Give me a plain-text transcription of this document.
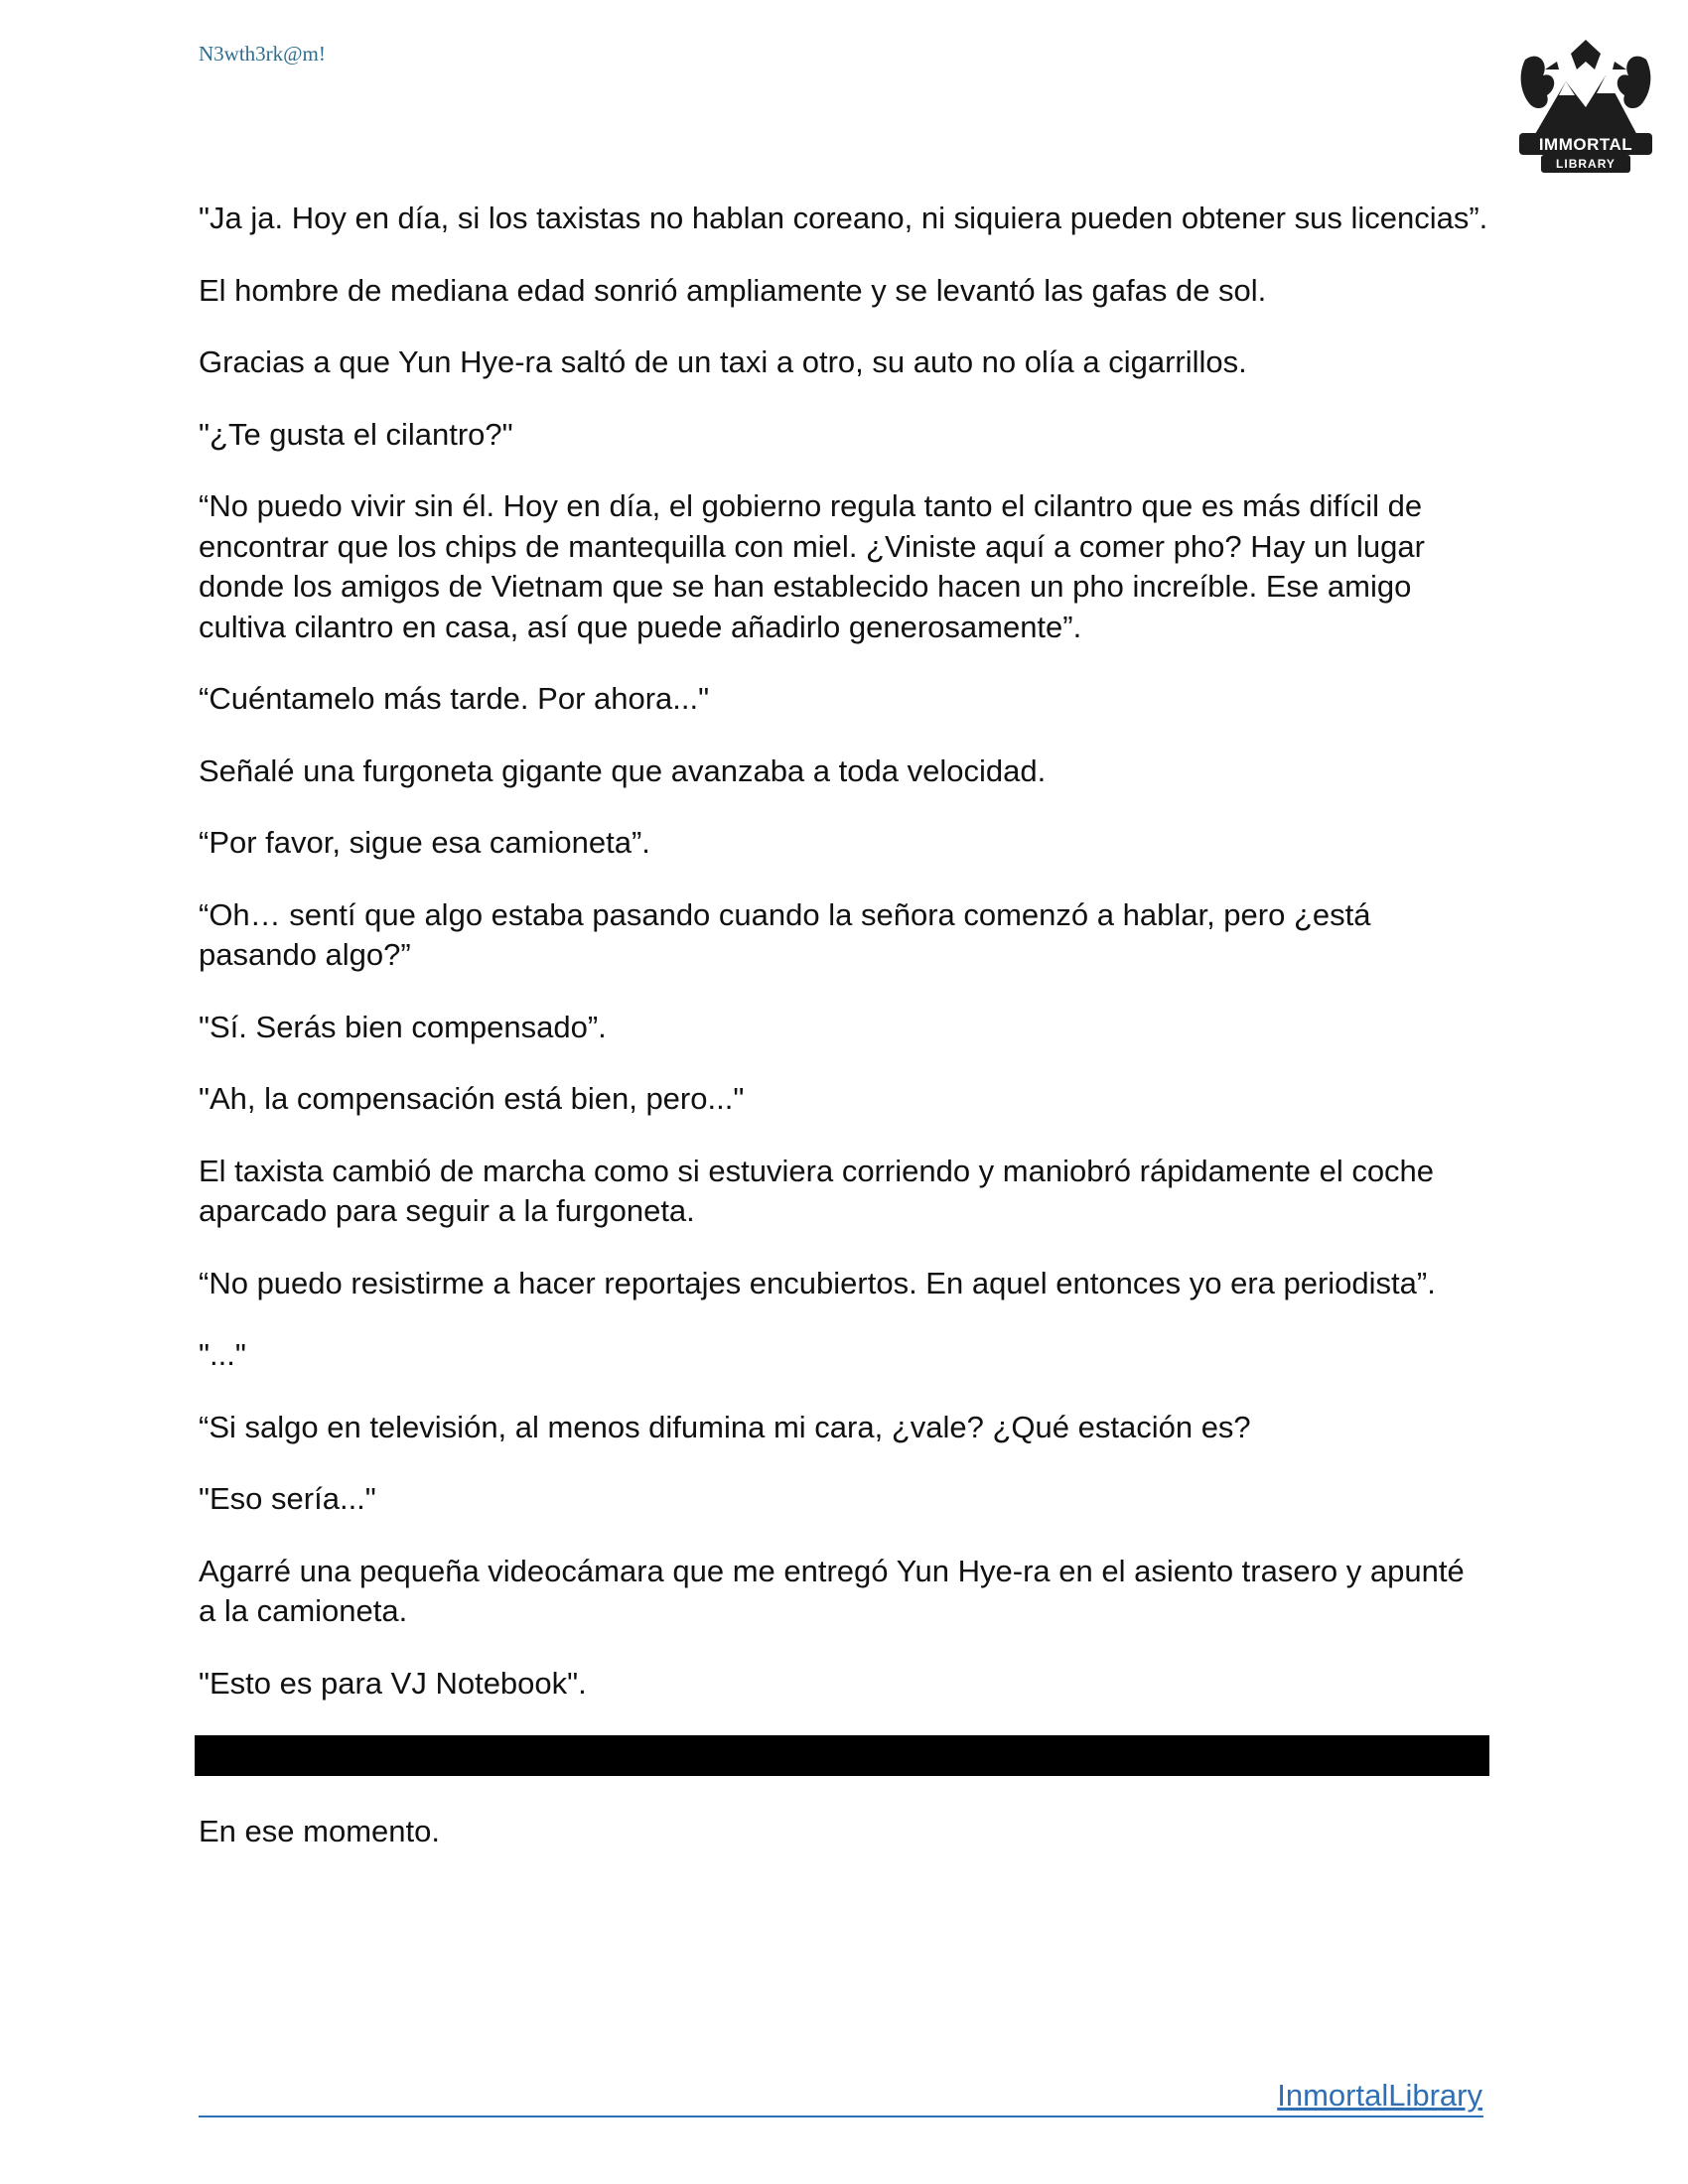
N3wth3rk@m!
IMMORTAL
LIBRARY

"Ja ja. Hoy en día, si los taxistas no hablan coreano, ni siquiera pueden obtener sus licencias”.

El hombre de mediana edad sonrió ampliamente y se levantó las gafas de sol.

Gracias a que Yun Hye-ra saltó de un taxi a otro, su auto no olía a cigarrillos.

"¿Te gusta el cilantro?"

“No puedo vivir sin él. Hoy en día, el gobierno regula tanto el cilantro que es más difícil de encontrar que los chips de mantequilla con miel. ¿Viniste aquí a comer pho? Hay un lugar donde los amigos de Vietnam que se han establecido hacen un pho increíble. Ese amigo cultiva cilantro en casa, así que puede añadirlo generosamente”.

“Cuéntamelo más tarde. Por ahora..."

Señalé una furgoneta gigante que avanzaba a toda velocidad.

“Por favor, sigue esa camioneta”.

“Oh… sentí que algo estaba pasando cuando la señora comenzó a hablar, pero ¿está pasando algo?”

"Sí. Serás bien compensado”.

"Ah, la compensación está bien, pero..."

El taxista cambió de marcha como si estuviera corriendo y maniobró rápidamente el coche aparcado para seguir a la furgoneta.

“No puedo resistirme a hacer reportajes encubiertos. En aquel entonces yo era periodista”.

"..."

“Si salgo en televisión, al menos difumina mi cara, ¿vale? ¿Qué estación es?

"Eso sería..."

Agarré una pequeña videocámara que me entregó Yun Hye-ra en el asiento trasero y apunté a la camioneta.

"Esto es para VJ Notebook".

En ese momento.

InmortalLibrary
